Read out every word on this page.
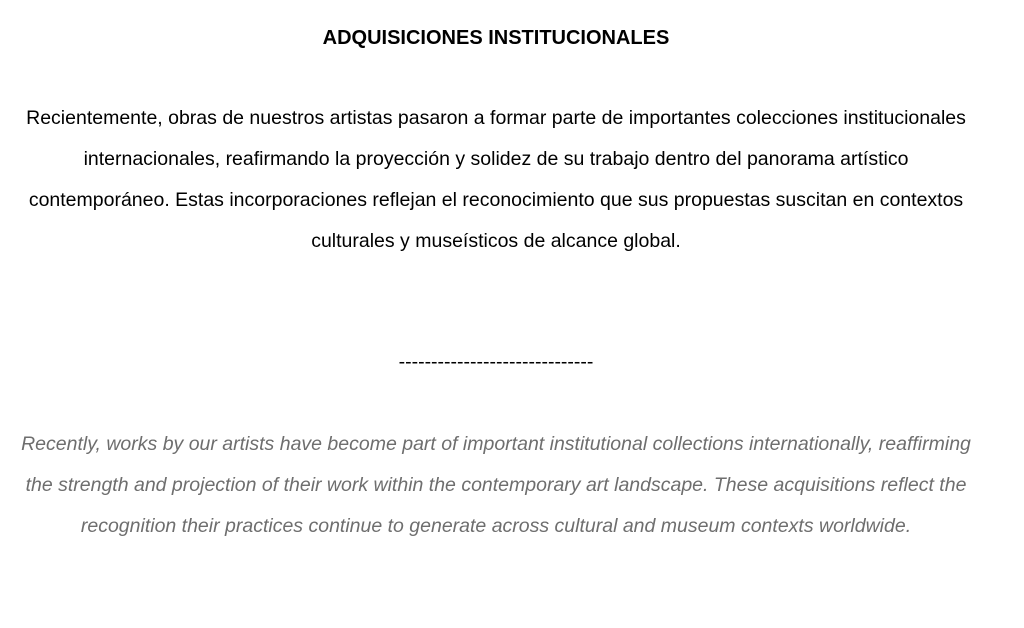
ADQUISICIONES INSTITUCIONALES

Recientemente, obras de nuestros artistas pasaron a formar parte de importantes colecciones institucionales internacionales, reafirmando la proyección y solidez de su trabajo dentro del panorama artístico contemporáneo. Estas incorporaciones reflejan el reconocimiento que sus propuestas suscitan en contextos culturales y museísticos de alcance global.

------------------------------

Recently, works by our artists have become part of important institutional collections internationally, reaffirming the strength and projection of their work within the contemporary art landscape. These acquisitions reflect the recognition their practices continue to generate across cultural and museum contexts worldwide.
